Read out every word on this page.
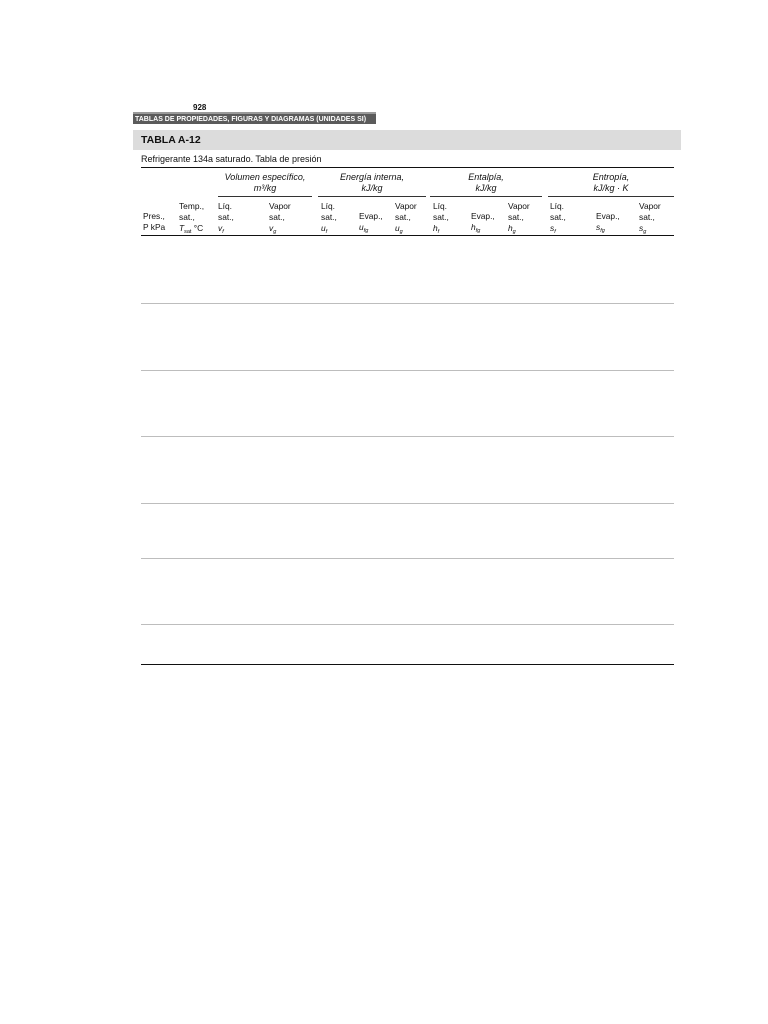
928
TABLAS DE PROPIEDADES, FIGURAS Y DIAGRAMAS (UNIDADES SI)
TABLA A-12
Refrigerante 134a saturado. Tabla de presión
Volumen específico,
m³/kg
Energía interna,
kJ/kg
Entalpía,
kJ/kg
Entropía,
kJ/kg · K
Pres.,
P kPa
Temp.,
sat.,
$T_{sat}$ °C
Líq.
sat.,
$v_f$
Vapor
sat.,
$v_g$
Líq.
sat.,
$u_f$
Evap.,
$u_{fg}$
Vapor
sat.,
$u_g$
Líq.
sat.,
$h_f$
Evap.,
$h_{fg}$
Vapor
sat.,
$h_g$
Líq.
sat.,
$s_f$
Evap.,
$s_{fg}$
Vapor
sat.,
$s_g$
